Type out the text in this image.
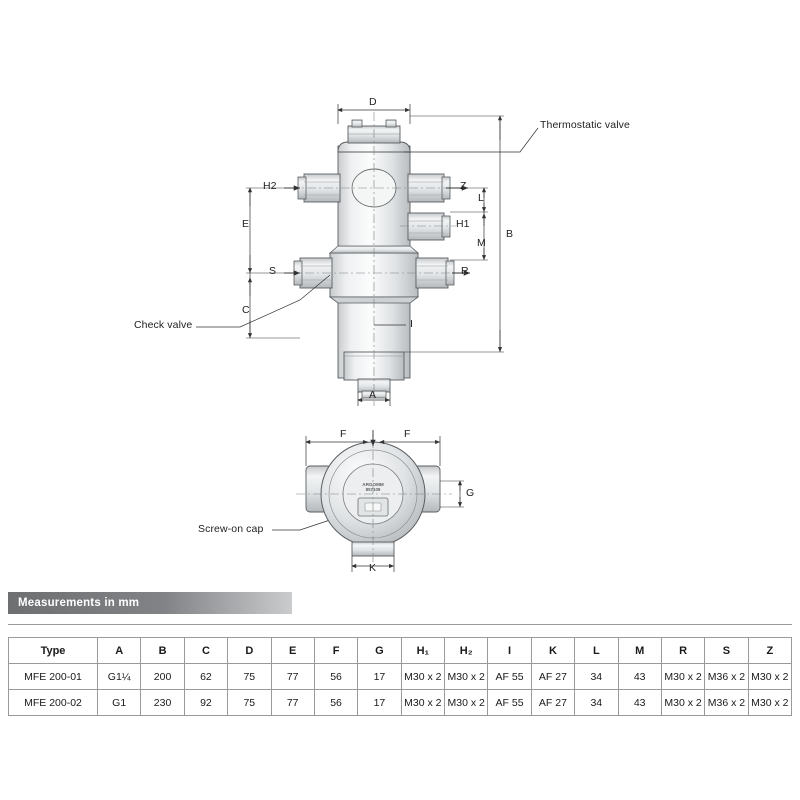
ARGOMM
857109
D
H2
E
S
C
Z
L
H1
M
R
B
I
A
F	F
G
K
Thermostatic valve
Check valve
Screw-on cap
Measurements in mm
Type	A	B	C	D	E	F	G	H₁	H₂	I	K	L	M	R	S	Z
MFE 200-01	G1¼	200	62	75	77	56	17	M30 x 2	M30 x 2	AF 55	AF 27	34	43	M30 x 2	M36 x 2	M30 x 2
MFE 200-02	G1	230	92	75	77	56	17	M30 x 2	M30 x 2	AF 55	AF 27	34	43	M30 x 2	M36 x 2	M30 x 2
